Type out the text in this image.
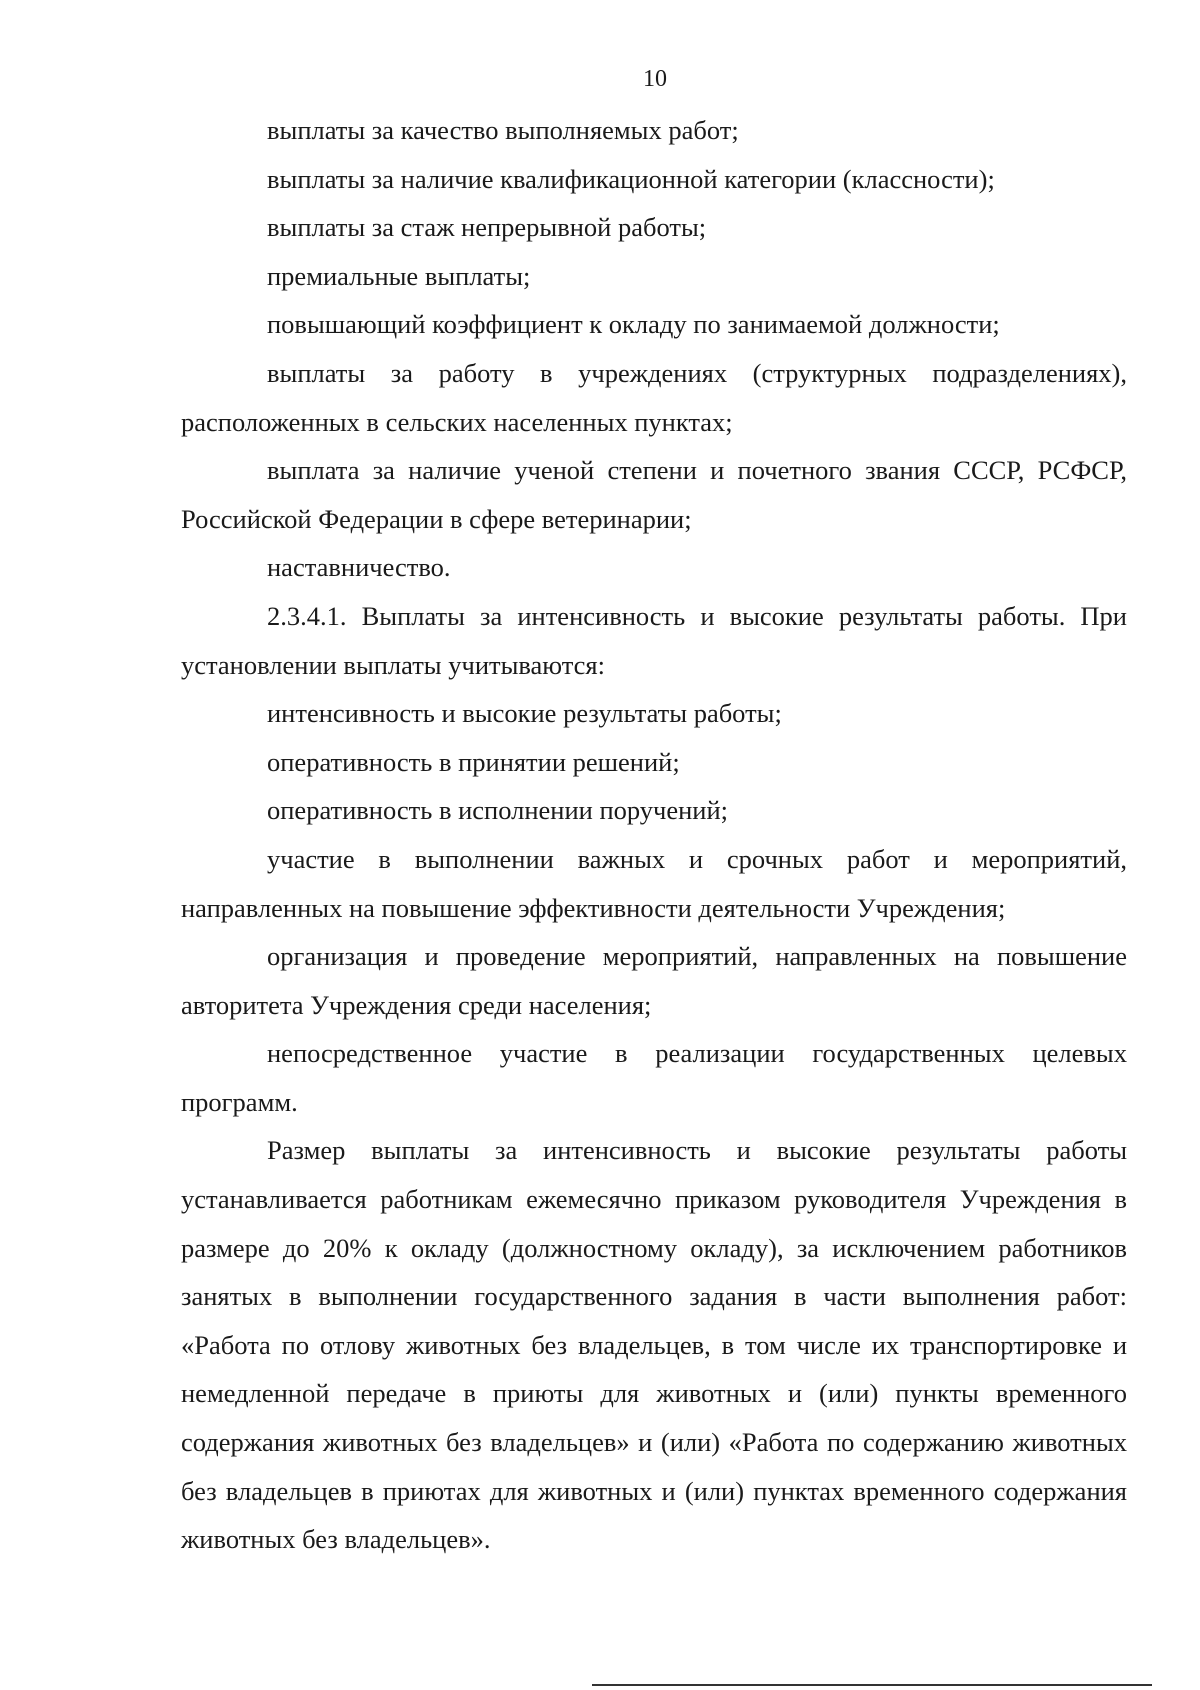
10

выплаты за качество выполняемых работ;

выплаты за наличие квалификационной категории (классности);

выплаты за стаж непрерывной работы;

премиальные выплаты;

повышающий коэффициент к окладу по занимаемой должности;

выплаты за работу в учреждениях (структурных подразделениях), расположенных в сельских населенных пунктах;

выплата за наличие ученой степени и почетного звания СССР, РСФСР, Российской Федерации в сфере ветеринарии;

наставничество.

2.3.4.1. Выплаты за интенсивность и высокие результаты работы. При установлении выплаты учитываются:

интенсивность и высокие результаты работы;

оперативность в принятии решений;

оперативность в исполнении поручений;

участие в выполнении важных и срочных работ и мероприятий, направленных на повышение эффективности деятельности Учреждения;

организация и проведение мероприятий, направленных на повышение авторитета Учреждения среди населения;

непосредственное участие в реализации государственных целевых программ.

Размер выплаты за интенсивность и высокие результаты работы устанавливается работникам ежемесячно приказом руководителя Учреждения в размере до 20% к окладу (должностному окладу), за исключением работников занятых в выполнении государственного задания в части выполнения работ: «Работа по отлову животных без владельцев, в том числе их транспортировке и немедленной передаче в приюты для животных и (или) пункты временного содержания животных без владельцев» и (или) «Работа по содержанию животных без владельцев в приютах для животных и (или) пунктах временного содержания животных без владельцев».
